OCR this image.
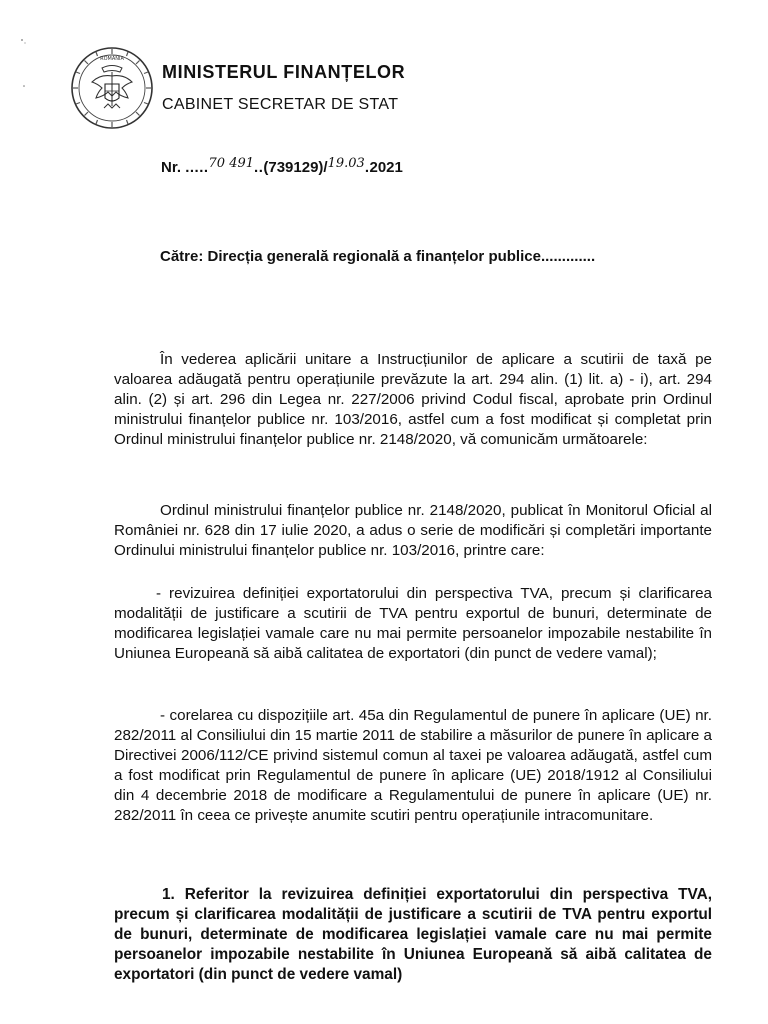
ROMÂNIA

MINISTERUL FINANȚELOR

CABINET SECRETAR DE STAT

Nr. .....70 491..(739129)/19.03.2021
Către: Direcția generală regională a finanțelor publice.............

În vederea aplicării unitare a Instrucțiunilor de aplicare a scutirii de taxă pe valoarea adăugată pentru operațiunile prevăzute la art. 294 alin. (1) lit. a) - i), art. 294 alin. (2) și art. 296 din Legea nr. 227/2006 privind Codul fiscal, aprobate prin Ordinul ministrului finanțelor publice nr. 103/2016, astfel cum a fost modificat și completat prin Ordinul ministrului finanțelor publice nr. 2148/2020, vă comunicăm următoarele:

Ordinul ministrului finanțelor publice nr. 2148/2020, publicat în Monitorul Oficial al României nr. 628 din 17 iulie 2020, a adus o serie de modificări și completări importante Ordinului ministrului finanțelor publice nr. 103/2016, printre care:

- revizuirea definiției exportatorului din perspectiva TVA, precum și clarificarea modalității de justificare a scutirii de TVA pentru exportul de bunuri, determinate de modificarea legislației vamale care nu mai permite persoanelor impozabile nestabilite în Uniunea Europeană să aibă calitatea de exportatori (din punct de vedere vamal);

- corelarea cu dispozițiile art. 45a din Regulamentul de punere în aplicare (UE) nr. 282/2011 al Consiliului din 15 martie 2011 de stabilire a măsurilor de punere în aplicare a Directivei 2006/112/CE privind sistemul comun al taxei pe valoarea adăugată, astfel cum a fost modificat prin Regulamentul de punere în aplicare (UE) 2018/1912 al Consiliului din 4 decembrie 2018 de modificare a Regulamentului de punere în aplicare (UE) nr. 282/2011 în ceea ce privește anumite scutiri pentru operațiunile intracomunitare.

1. Referitor la revizuirea definiției exportatorului din perspectiva TVA, precum și clarificarea modalității de justificare a scutirii de TVA pentru exportul de bunuri, determinate de modificarea legislației vamale care nu mai permite persoanelor impozabile nestabilite în Uniunea Europeană să aibă calitatea de exportatori (din punct de vedere vamal)
